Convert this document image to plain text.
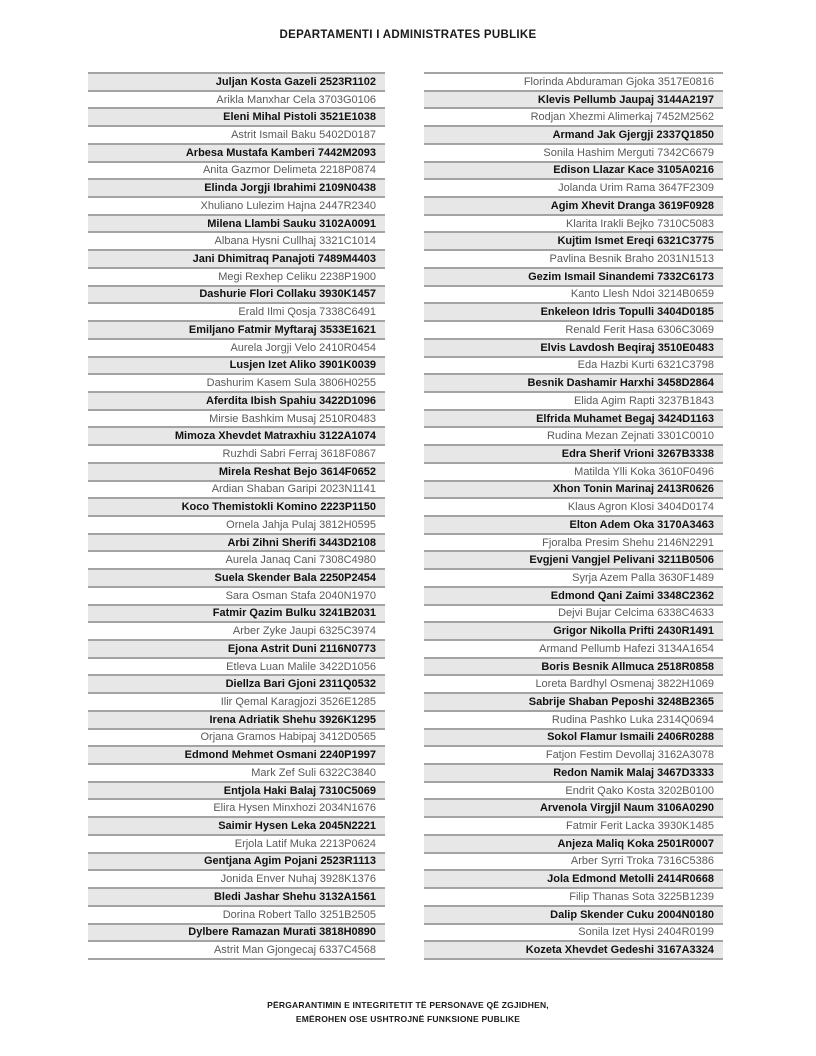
DEPARTAMENTI I ADMINISTRATES PUBLIKE
Juljan Kosta Gazeli 2523R1102
Arikla Manxhar Cela 3703G0106
Eleni Mihal Pistoli 3521E1038
Astrit Ismail Baku 5402D0187
Arbesa Mustafa Kamberi 7442M2093
Anita Gazmor Delimeta 2218P0874
Elinda Jorgji Ibrahimi 2109N0438
Xhuliano Lulezim Hajna 2447R2340
Milena Llambi Sauku 3102A0091
Albana Hysni Cullhaj 3321C1014
Jani Dhimitraq Panajoti 7489M4403
Megi Rexhep Celiku 2238P1900
Dashurie Flori Collaku 3930K1457
Erald Ilmi Qosja 7338C6491
Emiljano Fatmir Myftaraj 3533E1621
Aurela Jorgji Velo 2410R0454
Lusjen Izet Aliko 3901K0039
Dashurim Kasem Sula 3806H0255
Aferdita Ibish Spahiu 3422D1096
Mirsie Bashkim Musaj 2510R0483
Mimoza Xhevdet Matraxhiu 3122A1074
Ruzhdi Sabri Ferraj 3618F0867
Mirela Reshat Bejo 3614F0652
Ardian Shaban Garipi 2023N1141
Koco Themistokli Komino 2223P1150
Ornela Jahja Pulaj 3812H0595
Arbi Zihni Sherifi 3443D2108
Aurela Janaq Cani 7308C4980
Suela Skender Bala 2250P2454
Sara Osman Stafa 2040N1970
Fatmir Qazim Bulku 3241B2031
Arber Zyke Jaupi 6325C3974
Ejona Astrit Duni 2116N0773
Etleva Luan Malile 3422D1056
Diellza Bari Gjoni 2311Q0532
Ilir Qemal Karagjozi 3526E1285
Irena Adriatik Shehu 3926K1295
Orjana Gramos Habipaj 3412D0565
Edmond Mehmet Osmani 2240P1997
Mark Zef Suli 6322C3840
Entjola Haki Balaj 7310C5069
Elira Hysen Minxhozi 2034N1676
Saimir Hysen Leka 2045N2221
Erjola Latif Muka 2213P0624
Gentjana Agim Pojani 2523R1113
Jonida Enver Nuhaj 3928K1376
Bledi Jashar Shehu 3132A1561
Dorina Robert Tallo 3251B2505
Dylbere Ramazan Murati 3818H0890
Astrit Man Gjongecaj 6337C4568
Florinda Abduraman Gjoka 3517E0816
Klevis Pellumb Jaupaj 3144A2197
Rodjan Xhezmi Alimerkaj 7452M2562
Armand Jak Gjergji 2337Q1850
Sonila Hashim Merguti 7342C6679
Edison Llazar Kace 3105A0216
Jolanda Urim Rama 3647F2309
Agim Xhevit Dranga 3619F0928
Klarita Irakli Bejko 7310C5083
Kujtim Ismet Ereqi 6321C3775
Pavlina Besnik Braho 2031N1513
Gezim Ismail Sinandemi 7332C6173
Kanto Llesh Ndoi 3214B0659
Enkeleon Idris Topulli 3404D0185
Renald Ferit Hasa 6306C3069
Elvis Lavdosh Beqiraj 3510E0483
Eda Hazbi Kurti 6321C3798
Besnik Dashamir Harxhi 3458D2864
Elida Agim Rapti 3237B1843
Elfrida Muhamet Begaj 3424D1163
Rudina Mezan Zejnati 3301C0010
Edra Sherif Vrioni 3267B3338
Matilda Ylli Koka 3610F0496
Xhon Tonin Marinaj 2413R0626
Klaus Agron Klosi 3404D0174
Elton Adem Oka 3170A3463
Fjoralba Presim Shehu 2146N2291
Evgjeni Vangjel Pelivani 3211B0506
Syrja Azem Palla 3630F1489
Edmond Qani Zaimi 3348C2362
Dejvi Bujar Celcima 6338C4633
Grigor Nikolla Prifti 2430R1491
Armand Pellumb Hafezi 3134A1654
Boris Besnik Allmuca 2518R0858
Loreta Bardhyl Osmenaj 3822H1069
Sabrije Shaban Peposhi 3248B2365
Rudina Pashko Luka 2314Q0694
Sokol Flamur Ismaili 2406R0288
Fatjon Festim Devollaj 3162A3078
Redon Namik Malaj 3467D3333
Endrit Qako Kosta 3202B0100
Arvenola Virgjil Naum 3106A0290
Fatmir Ferit Lacka 3930K1485
Anjeza Maliq Koka 2501R0007
Arber Syrri Troka 7316C5386
Jola Edmond Metolli 2414R0668
Filip Thanas Sota 3225B1239
Dalip Skender Cuku 2004N0180
Sonila Izet Hysi 2404R0199
Kozeta Xhevdet Gedeshi 3167A3324
PËRGARANTIMIN E INTEGRITETIT TË PERSONAVE QË ZGJIDHEN,
EMËROHEN OSE USHTROJNË FUNKSIONE PUBLIKE
